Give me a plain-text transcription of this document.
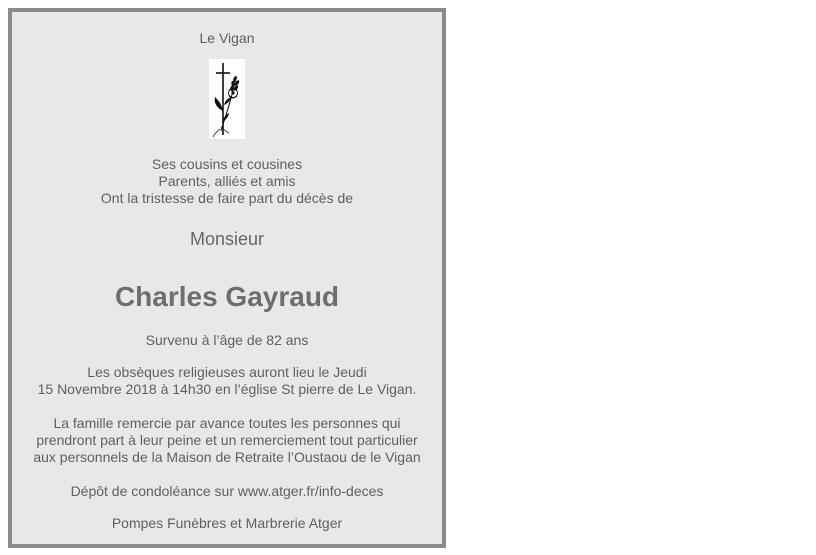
Le Vigan
Ses cousins et cousines
Parents, alliés et amis
Ont la tristesse de faire part du décès de
Monsieur
Charles Gayraud
Survenu à l’âge de 82 ans
Les obsèques religieuses auront lieu le Jeudi
15 Novembre 2018 à 14h30 en l’église St pierre de Le Vigan.
La famille remercie par avance toutes les personnes qui
prendront part à leur peine et un remerciement tout particulier
aux personnels de la Maison de Retraite l’Oustaou de le Vigan
Dépôt de condoléance sur www.atger.fr/info-deces
Pompes Funèbres et Marbrerie Atger
